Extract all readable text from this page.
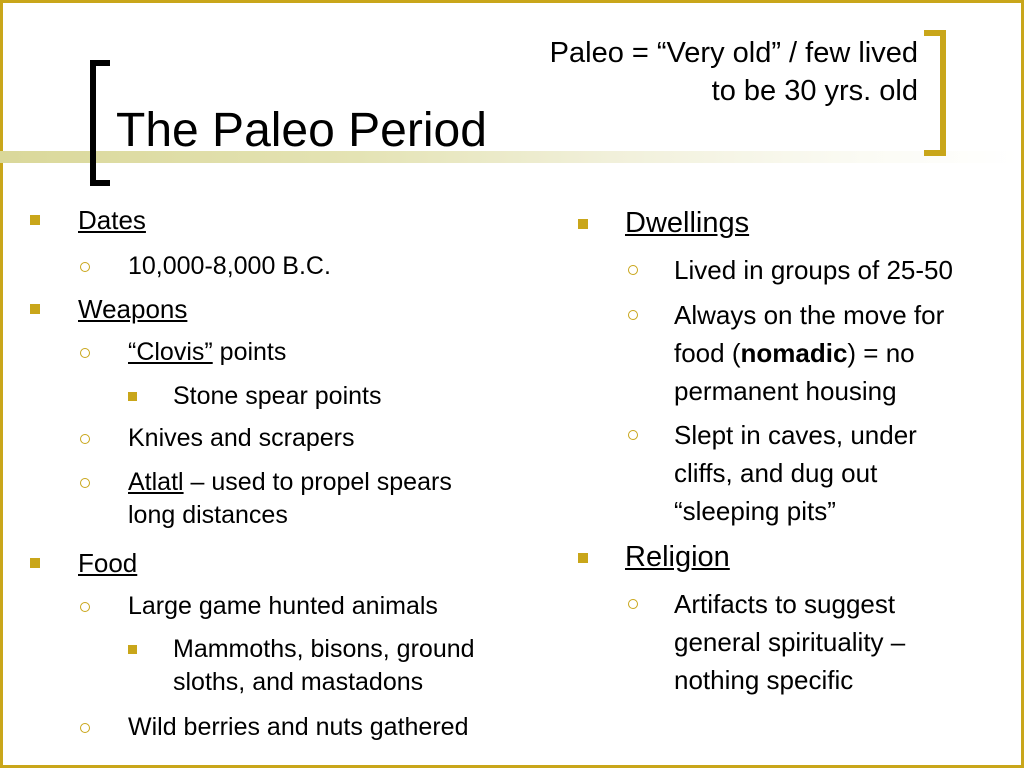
Paleo = “Very old” / few lived
to be 30 yrs. old
The Paleo Period
Dates
10,000-8,000 B.C.
Weapons
“Clovis” points
Stone spear points
Knives and scrapers
Atlatl – used to propel spears
long distances
Food
Large game hunted animals
Mammoths, bisons, ground
sloths, and mastadons
Wild berries and nuts gathered
Dwellings
Lived in groups of 25-50
Always on the move for
food (nomadic) = no
permanent housing
Slept in caves, under
cliffs, and dug out
“sleeping pits”
Religion
Artifacts to suggest
general spirituality –
nothing specific
